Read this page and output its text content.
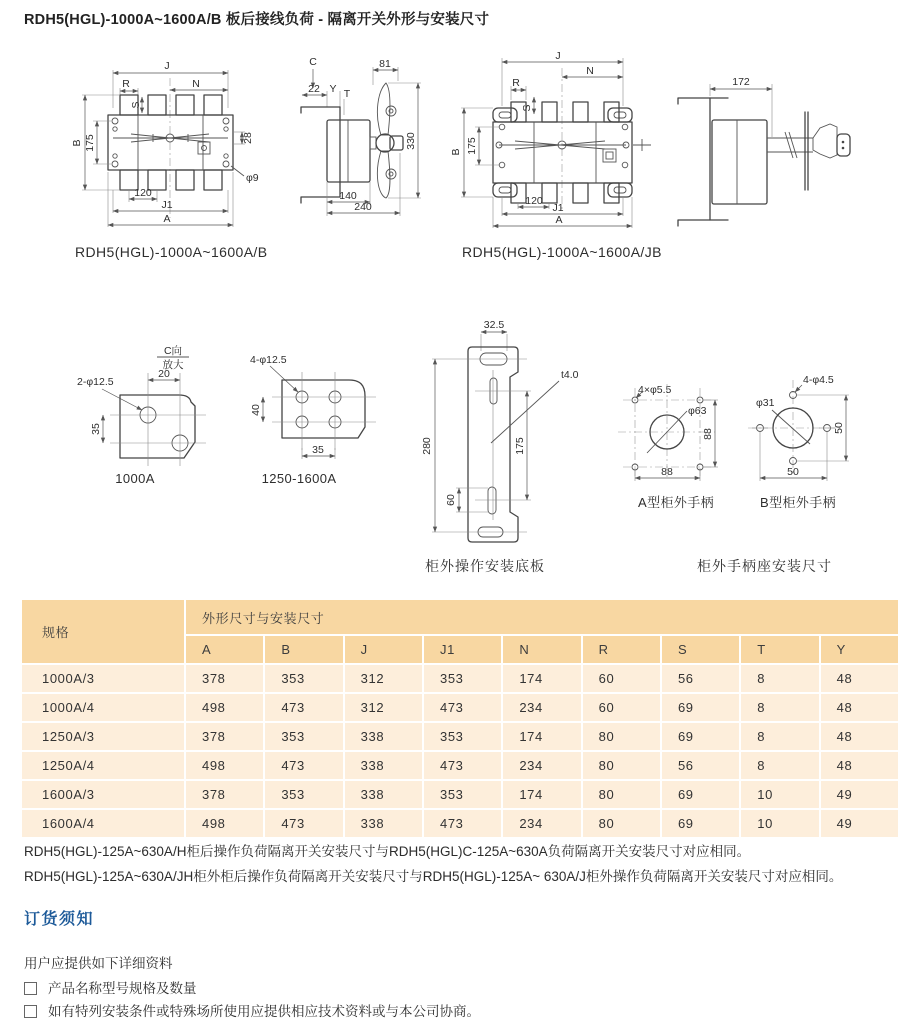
RDH5(HGL)-1000A~1600A/B 板后接线负荷 - 隔离开关外形与安装尺寸
J
N
R
S
28
φ9
B 175
120
J1
A
RDH5(HGL)-1000A~1600A/B
C
22 Y T
81
330
140
240
J
N
R
S
175
B
120
J1
A
RDH5(HGL)-1000A~1600A/JB
172
C向
放大
20
2-φ12.5
35
1000A
4-φ12.5
40
35
1250-1600A
32.5
280	175
60
t4.0
柜外操作安装底板
4×φ5.5
φ63
88
88
A型柜外手柄
4-φ4.5
φ31
50
50
B型柜外手柄
柜外手柄座安装尺寸
规格	外形尺寸与安装尺寸								
	A	B	J	J1	N	R	S	T	Y
1000A/3	378	353	312	353	174	60	56	8	48
1000A/4	498	473	312	473	234	60	69	8	48
1250A/3	378	353	338	353	174	80	69	8	48
1250A/4	498	473	338	473	234	80	56	8	48
1600A/3	378	353	338	353	174	80	69	10	49
1600A/4	498	473	338	473	234	80	69	10	49

RDH5(HGL)-125A~630A/H柜后操作负荷隔离开关安装尺寸与RDH5(HGL)C-125A~630A负荷隔离开关安装尺寸对应相同。

RDH5(HGL)-125A~630A/JH柜外柜后操作负荷隔离开关安装尺寸与RDH5(HGL)-125A~ 630A/J柜外操作负荷隔离开关安装尺寸对应相同。

订货须知

用户应提供如下详细资料

产品名称型号规格及数量

如有特列安装条件或特殊场所使用应提供相应技术资料或与本公司协商。
